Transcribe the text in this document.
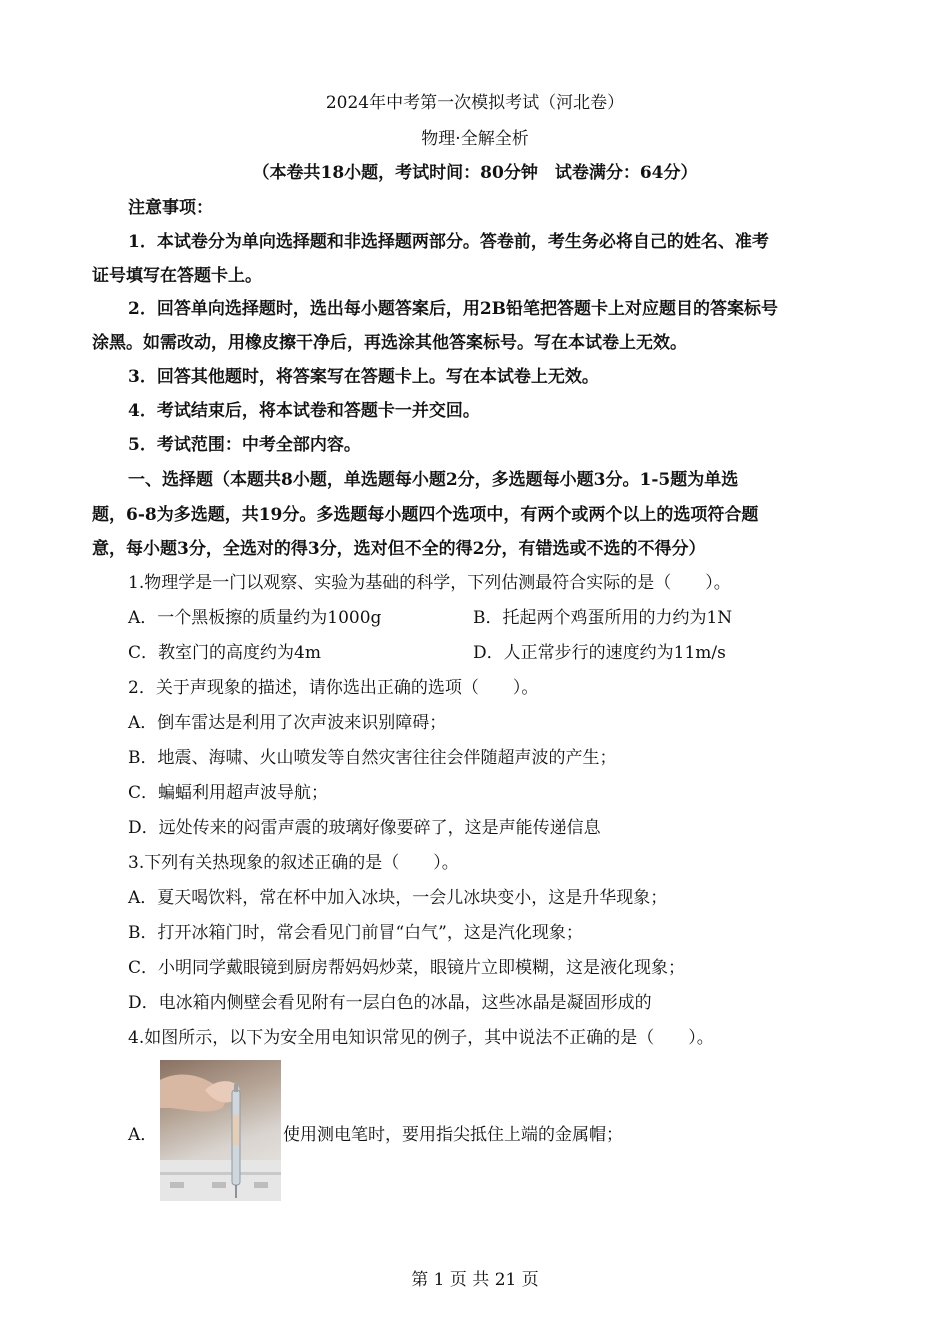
2024年中考第一次模拟考试（河北卷）
物理·全解全析
（本卷共18小题，考试时间：80分钟　试卷满分：64分）
注意事项：
1．本试卷分为单向选择题和非选择题两部分。答卷前，考生务必将自己的姓名、准考
证号填写在答题卡上。
2．回答单向选择题时，选出每小题答案后，用2B铅笔把答题卡上对应题目的答案标号
涂黑。如需改动，用橡皮擦干净后，再选涂其他答案标号。写在本试卷上无效。
3．回答其他题时，将答案写在答题卡上。写在本试卷上无效。
4．考试结束后，将本试卷和答题卡一并交回。
5．考试范围：中考全部内容。
一、选择题（本题共8小题，单选题每小题2分，多选题每小题3分。1-5题为单选
题，6-8为多选题，共19分。多选题每小题四个选项中，有两个或两个以上的选项符合题
意，每小题3分，全选对的得3分，选对但不全的得2分，有错选或不选的不得分）
1.物理学是一门以观察、实验为基础的科学，下列估测最符合实际的是（　　）。
A．一个黑板擦的质量约为1000g	B．托起两个鸡蛋所用的力约为1N
C．教室门的高度约为4m	D．人正常步行的速度约为11m/s
2．关于声现象的描述，请你选出正确的选项（　　）。
A．倒车雷达是利用了次声波来识别障碍；
B．地震、海啸、火山喷发等自然灾害往往会伴随超声波的产生；
C．蝙蝠利用超声波导航；
D．远处传来的闷雷声震的玻璃好像要碎了，这是声能传递信息
3.下列有关热现象的叙述正确的是（　　）。
A．夏天喝饮料，常在杯中加入冰块，一会儿冰块变小，这是升华现象；
B．打开冰箱门时，常会看见门前冒“白气”，这是汽化现象；
C．小明同学戴眼镜到厨房帮妈妈炒菜，眼镜片立即模糊，这是液化现象；
D．电冰箱内侧壁会看见附有一层白色的冰晶，这些冰晶是凝固形成的
4.如图所示，以下为安全用电知识常见的例子，其中说法不正确的是（　　）。
A．	使用测电笔时，要用指尖抵住上端的金属帽；
第 1 页 共 21 页
